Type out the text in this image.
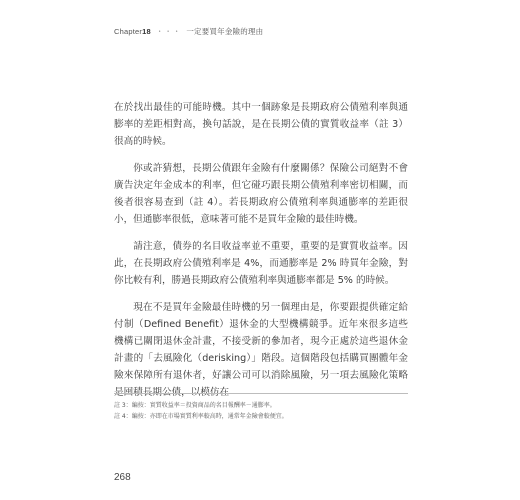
Chapter18 ・・・ 一定要買年金險的理由

在於找出最佳的可能時機。其中一個跡象是長期政府公債殖利率與通膨率的差距相對高，換句話說，是在長期公債的實質收益率（註 3）很高的時候。

你或許猜想，長期公債跟年金險有什麼關係？保險公司絕對不會廣告決定年金成本的利率，但它碰巧跟長期公債殖利率密切相關，而後者很容易查到（註 4）。若長期政府公債殖利率與通膨率的差距很小，但通膨率很低，意味著可能不是買年金險的最佳時機。

請注意，債券的名目收益率並不重要，重要的是實質收益率。因此，在長期政府公債殖利率是 4%，而通膨率是 2% 時買年金險，對你比較有利，勝過長期政府公債殖利率與通膨率都是 5% 的時候。

現在不是買年金險最佳時機的另一個理由是，你要跟提供確定給付制（Defined Benefit）退休金的大型機構競爭。近年來很多這些機構已關閉退休金計畫，不接受新的參加者，現今正處於這些退休金計畫的「去風險化（derisking）」階段。這個階段包括購買團體年金險來保障所有退休者，好讓公司可以消除風險，另一項去風險化策略是囤積長期公債，以模仿在

註 3：編按：實質收益率＝投資商品的名目報酬率－通膨率。
註 4：編按：亦即在市場實質利率較高時，通常年金險會較便宜。
268
